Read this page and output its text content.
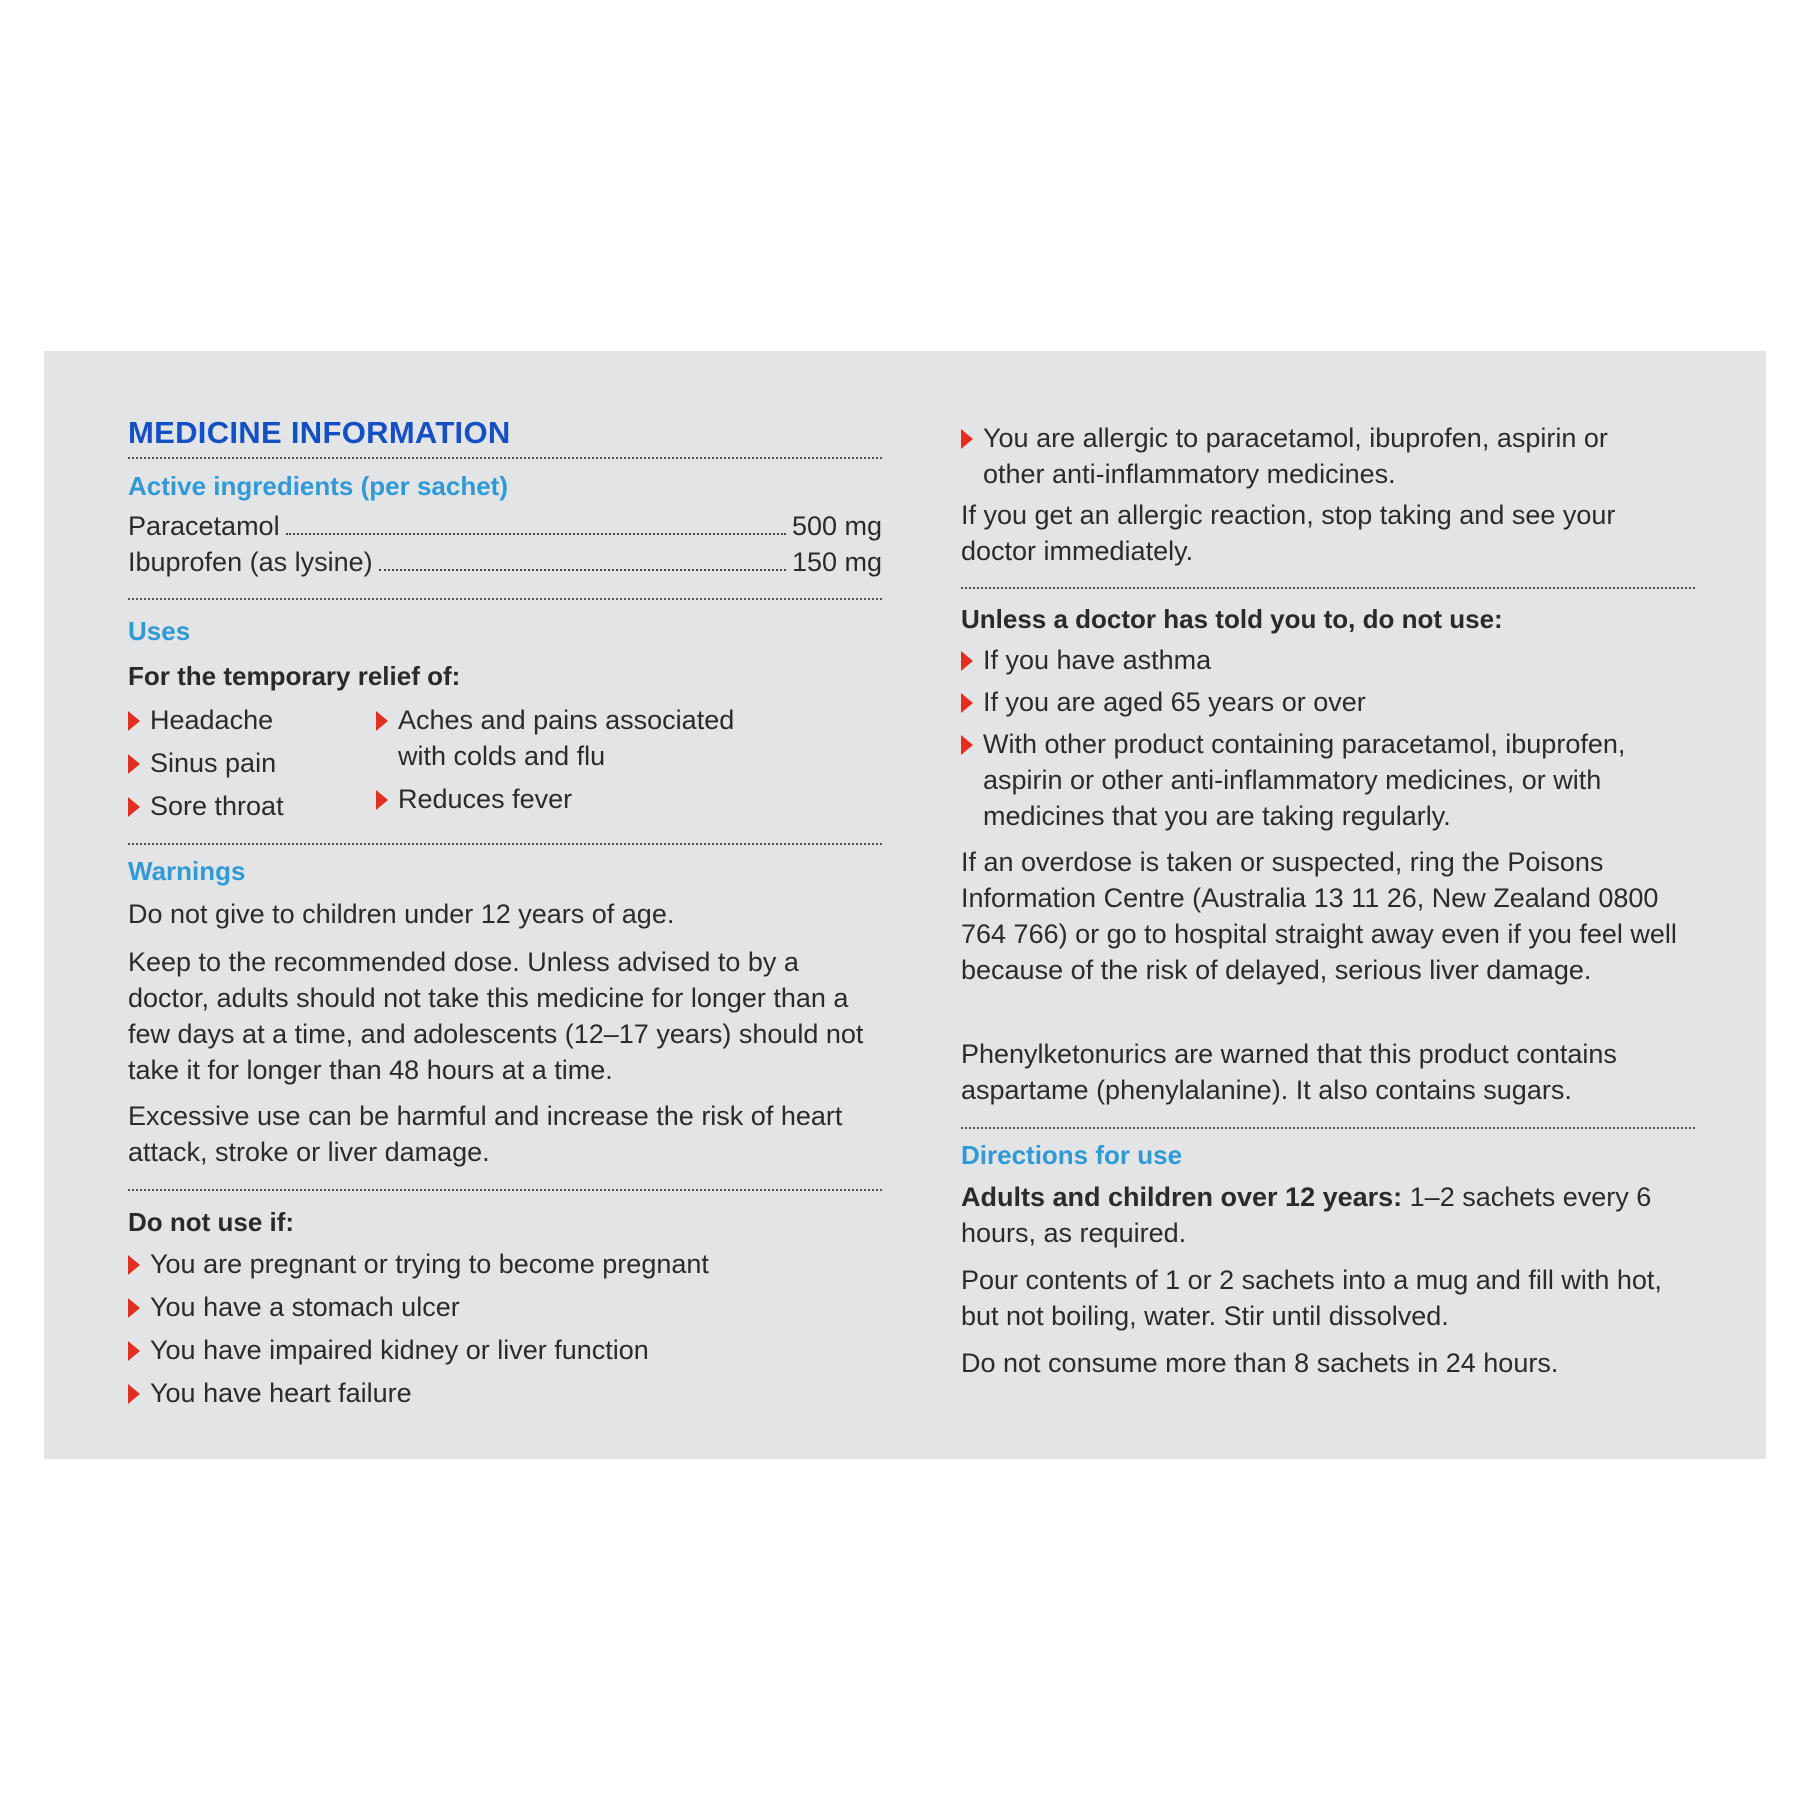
MEDICINE INFORMATION
Active ingredients (per sachet)
Paracetamol	500 mg
Ibuprofen (as lysine)	150 mg
Uses
For the temporary relief of:
Headache
Sinus pain
Sore throat
Aches and pains associated with colds and flu
Reduces fever
Warnings
Do not give to children under 12 years of age.
Keep to the recommended dose. Unless advised to by a doctor, adults should not take this medicine for longer than a few days at a time, and adolescents (12–17 years) should not take it for longer than 48 hours at a time.
Excessive use can be harmful and increase the risk of heart attack, stroke or liver damage.
Do not use if:
You are pregnant or trying to become pregnant
You have a stomach ulcer
You have impaired kidney or liver function
You have heart failure
You are allergic to paracetamol, ibuprofen, aspirin or other anti-inflammatory medicines.
If you get an allergic reaction, stop taking and see your doctor immediately.
Unless a doctor has told you to, do not use:
If you have asthma
If you are aged 65 years or over
With other product containing paracetamol, ibuprofen, aspirin or other anti-inflammatory medicines, or with medicines that you are taking regularly.
If an overdose is taken or suspected, ring the Poisons Information Centre (Australia 13 11 26, New Zealand 0800 764 766) or go to hospital straight away even if you feel well because of the risk of delayed, serious liver damage.
Phenylketonurics are warned that this product contains aspartame (phenylalanine). It also contains sugars.
Directions for use
Adults and children over 12 years: 1–2 sachets every 6 hours, as required.
Pour contents of 1 or 2 sachets into a mug and fill with hot, but not boiling, water. Stir until dissolved.
Do not consume more than 8 sachets in 24 hours.
